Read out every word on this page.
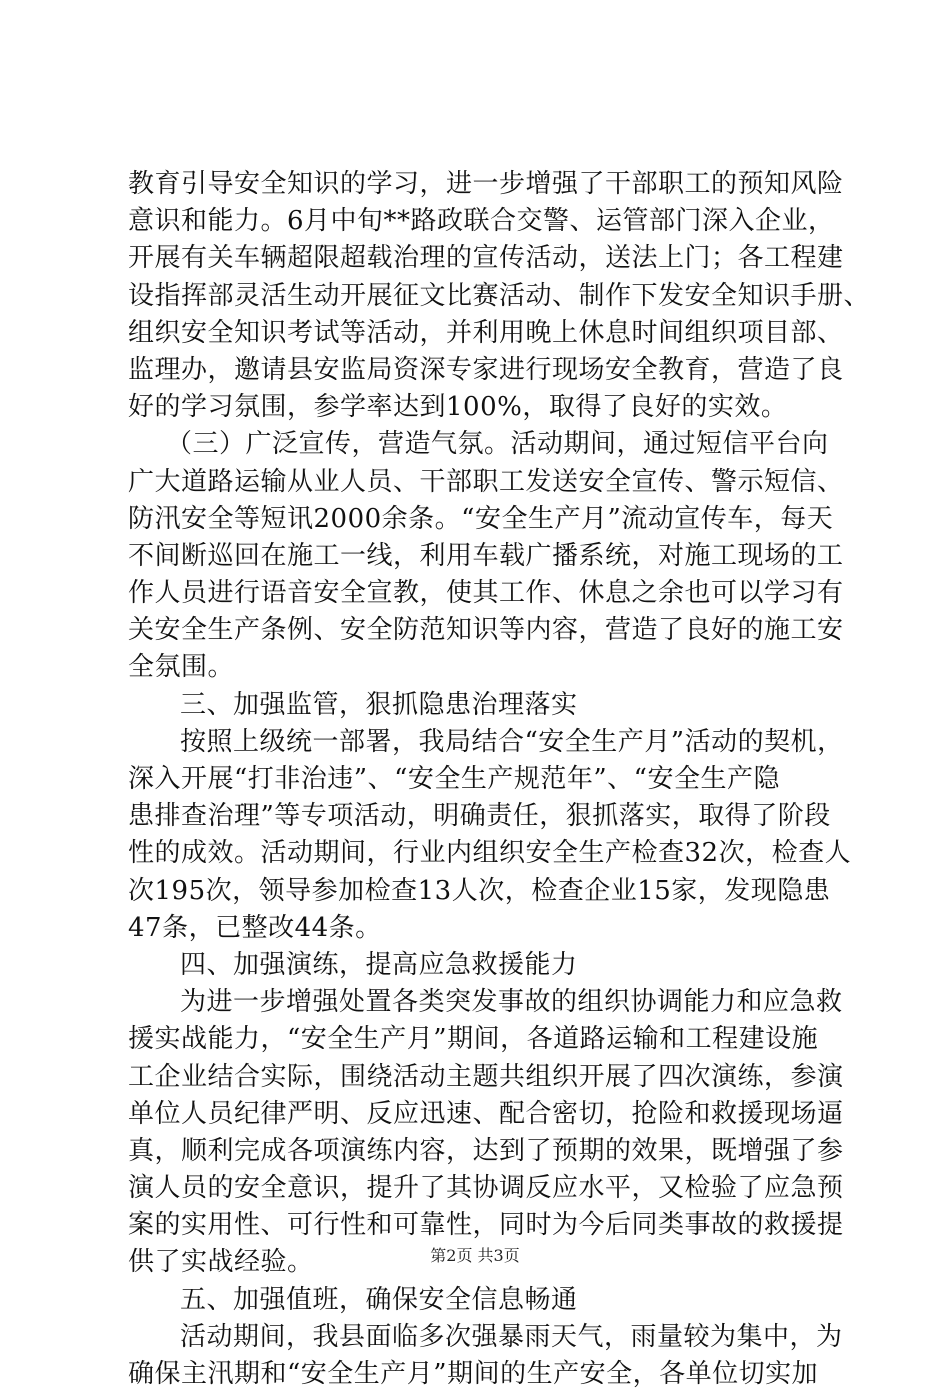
教育引导安全知识的学习，进一步增强了干部职工的预知风险
意识和能力。6月中旬**路政联合交警、运管部门深入企业，
开展有关车辆超限超载治理的宣传活动，送法上门；各工程建
设指挥部灵活生动开展征文比赛活动、制作下发安全知识手册、
组织安全知识考试等活动，并利用晚上休息时间组织项目部、
监理办，邀请县安监局资深专家进行现场安全教育，营造了良
好的学习氛围，参学率达到100%，取得了良好的实效。
（三）广泛宣传，营造气氛。活动期间，通过短信平台向
广大道路运输从业人员、干部职工发送安全宣传、警示短信、
防汛安全等短讯2000余条。“安全生产月”流动宣传车，每天
不间断巡回在施工一线，利用车载广播系统，对施工现场的工
作人员进行语音安全宣教，使其工作、休息之余也可以学习有
关安全生产条例、安全防范知识等内容，营造了良好的施工安
全氛围。
三、加强监管，狠抓隐患治理落实
按照上级统一部署，我局结合“安全生产月”活动的契机，
深入开展“打非治违”、“安全生产规范年”、“安全生产隐
患排查治理”等专项活动，明确责任，狠抓落实，取得了阶段
性的成效。活动期间，行业内组织安全生产检查32次，检查人
次195次，领导参加检查13人次，检查企业15家，发现隐患
47条，已整改44条。
四、加强演练，提高应急救援能力
为进一步增强处置各类突发事故的组织协调能力和应急救
援实战能力，“安全生产月”期间，各道路运输和工程建设施
工企业结合实际，围绕活动主题共组织开展了四次演练，参演
单位人员纪律严明、反应迅速、配合密切，抢险和救援现场逼
真，顺利完成各项演练内容，达到了预期的效果，既增强了参
演人员的安全意识，提升了其协调反应水平，又检验了应急预
案的实用性、可行性和可靠性，同时为今后同类事故的救援提
供了实战经验。
五、加强值班，确保安全信息畅通
活动期间，我县面临多次强暴雨天气，雨量较为集中，为
确保主汛期和“安全生产月”期间的生产安全，各单位切实加
第2页 共3页
